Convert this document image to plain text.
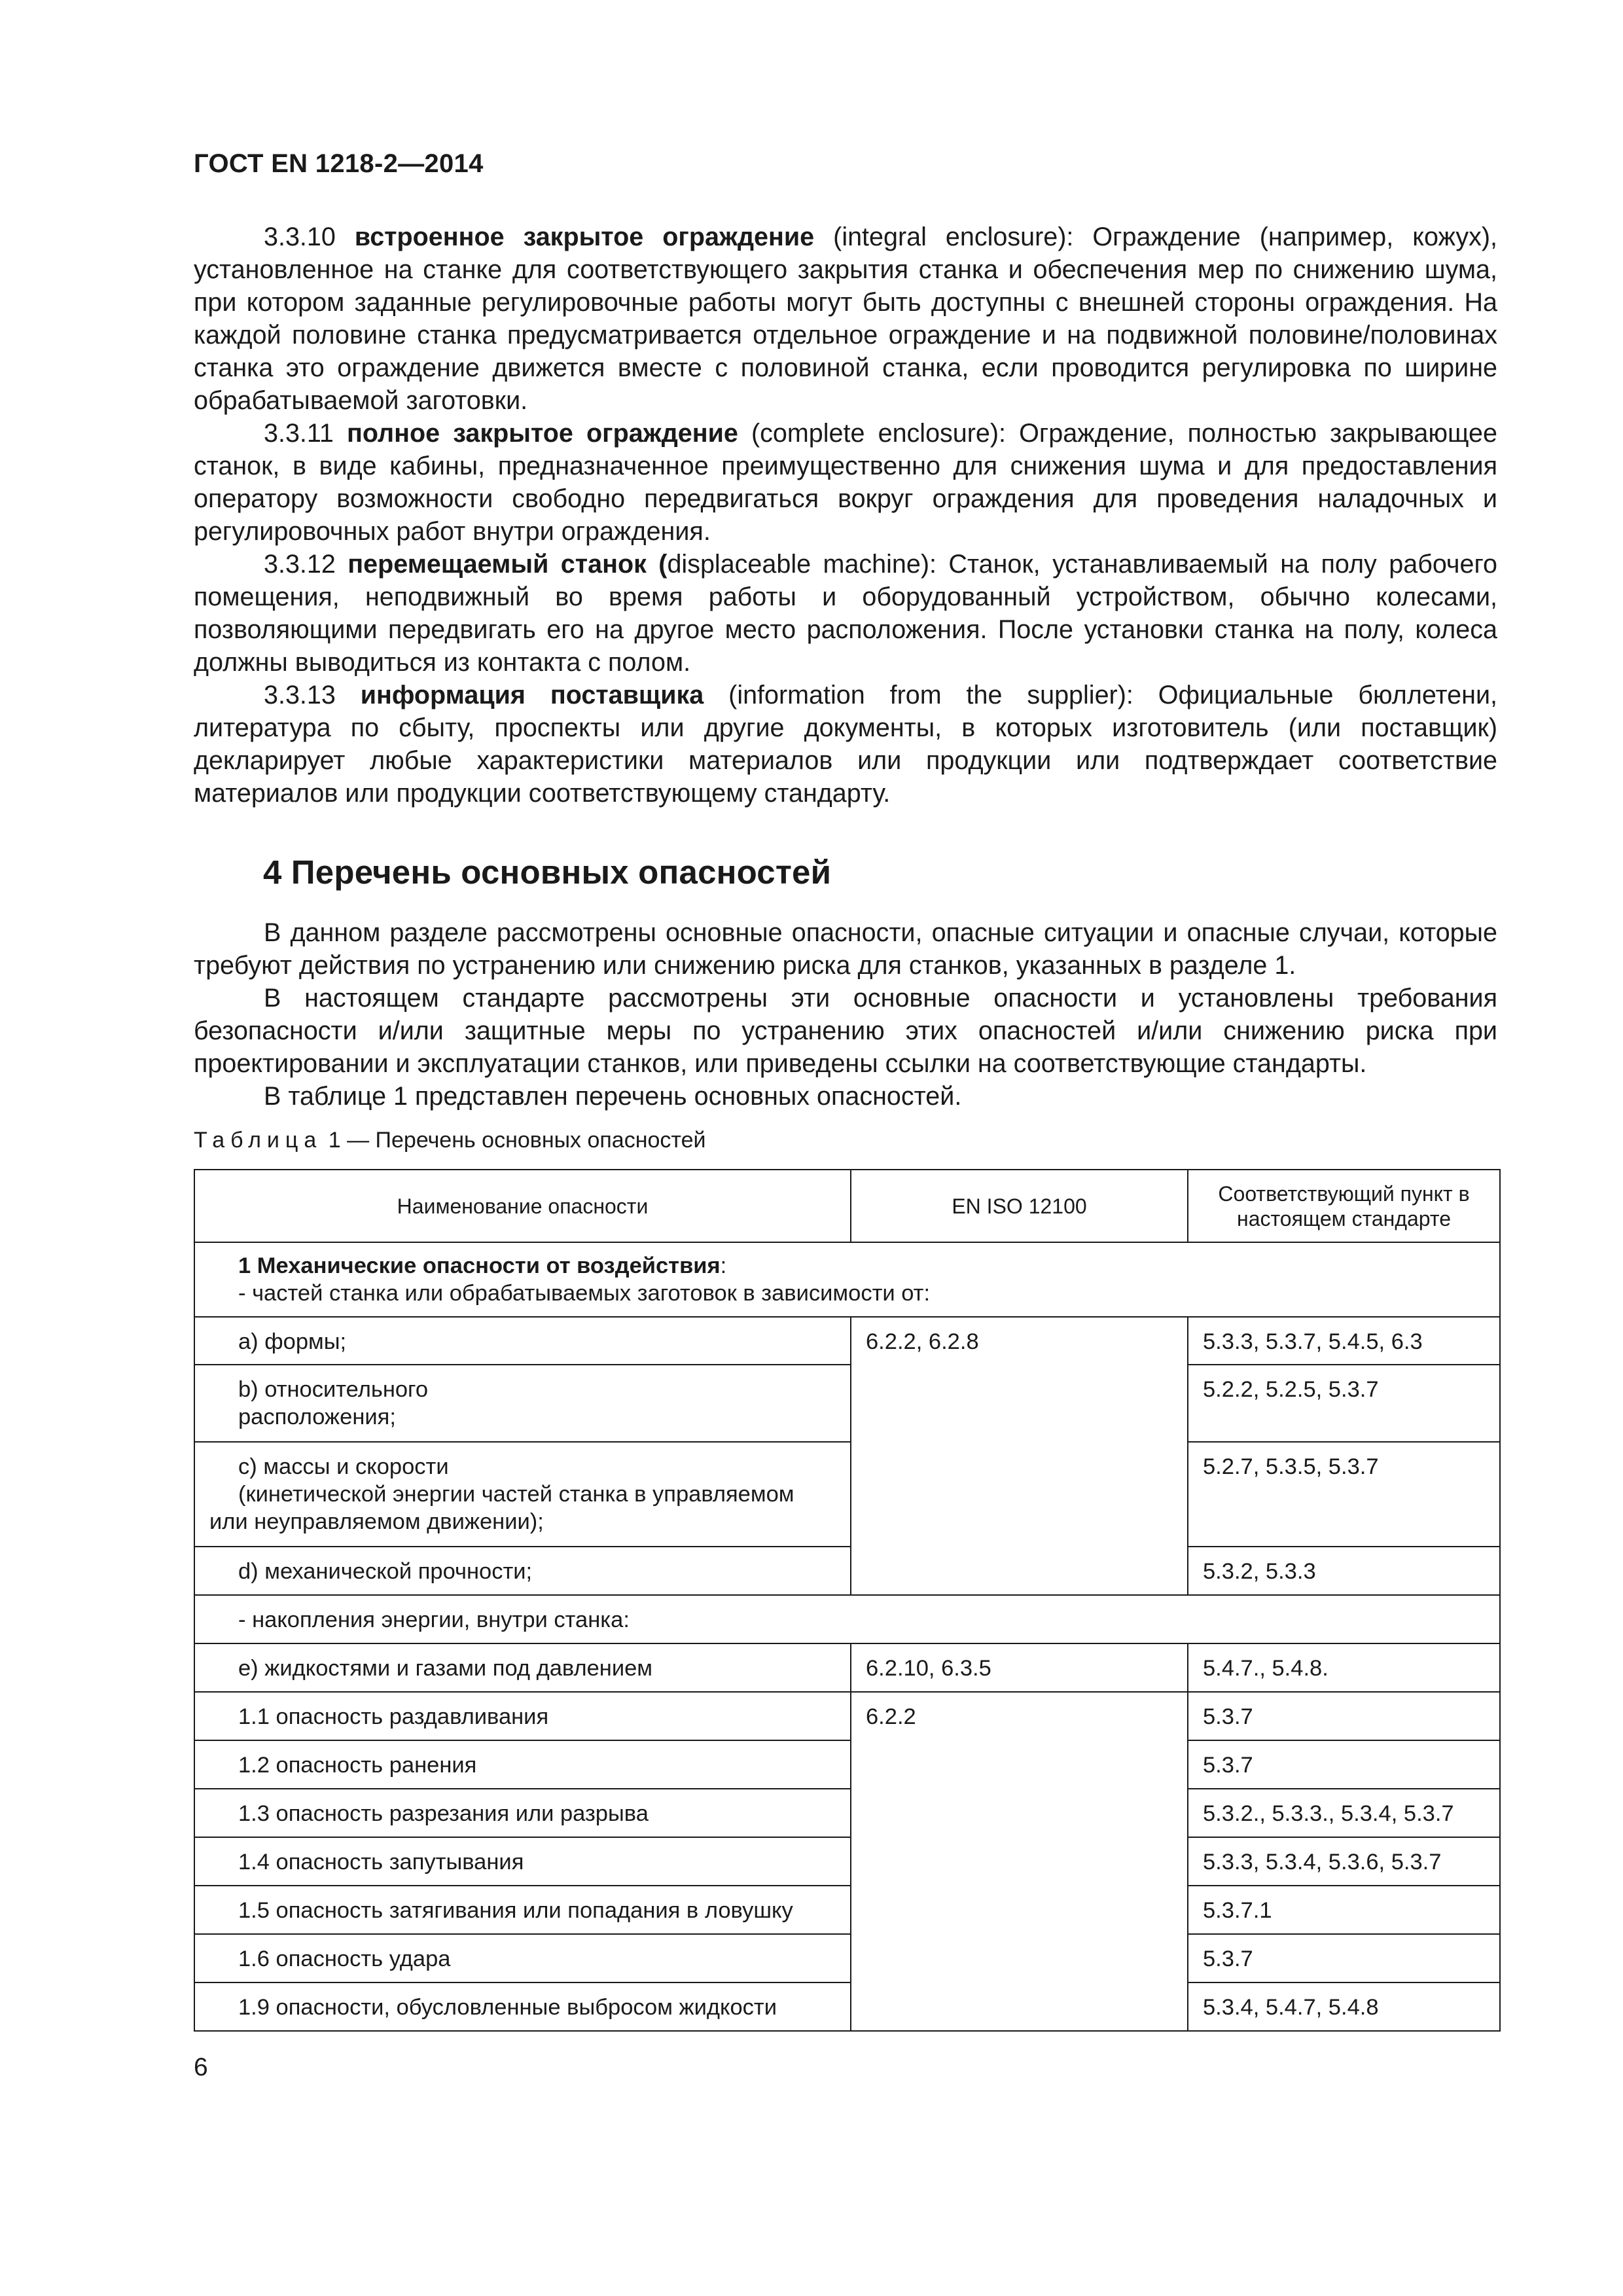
ГОСТ EN 1218-2—2014

3.3.10 встроенное закрытое ограждение (integral enclosure): Ограждение (например, кожух), установленное на станке для соответствующего закрытия станка и обеспечения мер по снижению шума, при котором заданные регулировочные работы могут быть доступны с внешней стороны ограждения. На каждой половине станка предусматривается отдельное ограждение и на подвижной половине/половинах станка это ограждение движется вместе с половиной станка, если проводится регулировка по ширине обрабатываемой заготовки.

3.3.11 полное закрытое ограждение (complete enclosure): Ограждение, полностью закрывающее станок, в виде кабины, предназначенное преимущественно для снижения шума и для предоставления оператору возможности свободно передвигаться вокруг ограждения для проведения наладочных и регулировочных работ внутри ограждения.

3.3.12 перемещаемый станок (displaceable machine): Станок, устанавливаемый на полу рабочего помещения, неподвижный во время работы и оборудованный устройством, обычно колесами, позволяющими передвигать его на другое место расположения. После установки станка на полу, колеса должны выводиться из контакта с полом.

3.3.13 информация поставщика (information from the supplier): Официальные бюллетени, литература по сбыту, проспекты или другие документы, в которых изготовитель (или поставщик) декларирует любые характеристики материалов или продукции или подтверждает соответствие материалов или продукции соответствующему стандарту.

4 Перечень основных опасностей

В данном разделе рассмотрены основные опасности, опасные ситуации и опасные случаи, которые требуют действия по устранению или снижению риска для станков, указанных в разделе 1.

В настоящем стандарте рассмотрены эти основные опасности и установлены требования безопасности и/или защитные меры по устранению этих опасностей и/или снижению риска при проектировании и эксплуатации станков, или приведены ссылки на соответствующие стандарты.

В таблице 1 представлен перечень основных опасностей.

Таблица 1 — Перечень основных опасностей
Наименование опасности	EN ISO 12100	Соответствующий пункт в настоящем стандарте

1 Механические опасности от воздействия:
- частей станка или обрабатываемых заготовок в зависимости от:		

a) формы;	6.2.2, 6.2.8	5.3.3, 5.3.7, 5.4.5, 6.3

b) относительного расположения;		5.2.2, 5.2.5, 5.3.7

c) массы и скорости
(кинетической энергии частей станка в управляемом или неуправляемом движении);		5.2.7, 5.3.5, 5.3.7

d) механической прочности;		5.3.2, 5.3.3

- накопления энергии, внутри станка:		

e) жидкостями и газами под давлением	6.2.10, 6.3.5	5.4.7., 5.4.8.

1.1 опасность раздавливания	6.2.2	5.3.7

1.2 опасность ранения		5.3.7

1.3 опасность разрезания или разрыва		5.3.2., 5.3.3., 5.3.4, 5.3.7

1.4 опасность запутывания		5.3.3, 5.3.4, 5.3.6, 5.3.7

1.5 опасность затягивания или попадания в ловушку		5.3.7.1

1.6 опасность удара		5.3.7

1.9 опасности, обусловленные выбросом жидкости		5.3.4, 5.4.7, 5.4.8
6
